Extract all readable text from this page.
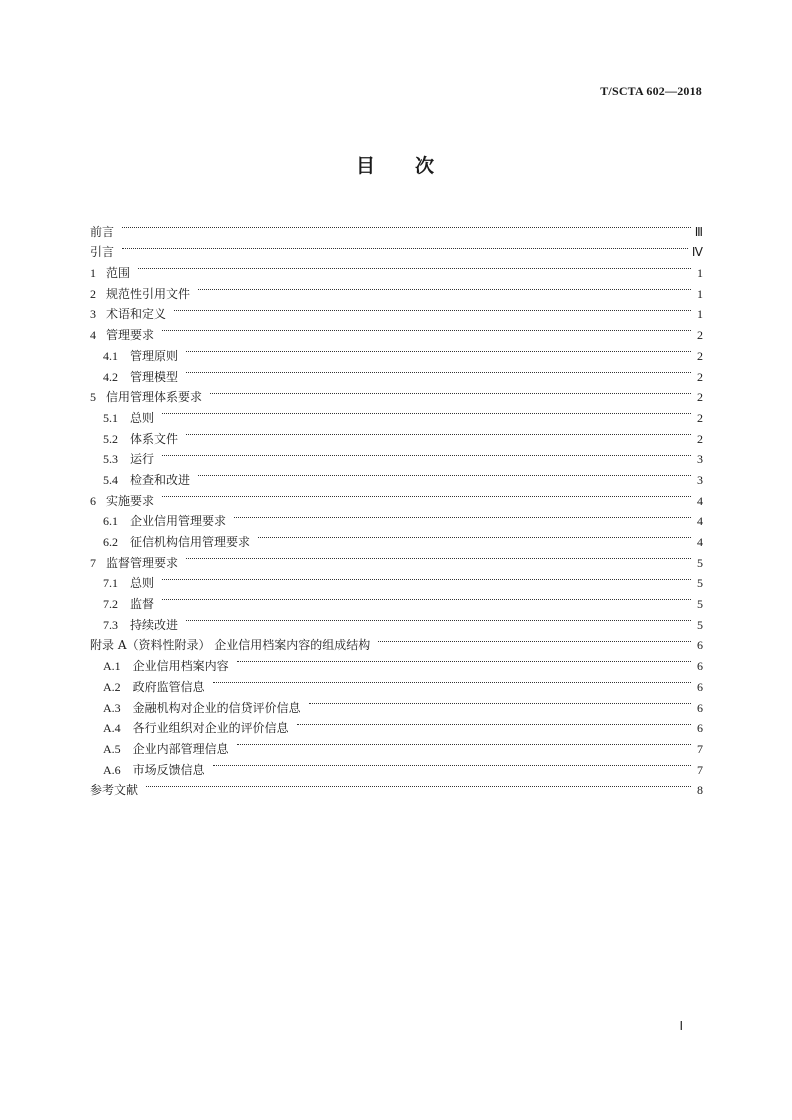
T/SCTA 602—2018
目 次
前言	Ⅲ
引言	Ⅳ
1 范围	1
2 规范性引用文件	1
3 术语和定义	1
4 管理要求	2
4.1 管理原则	2
4.2 管理模型	2
5 信用管理体系要求	2
5.1 总则	2
5.2 体系文件	2
5.3 运行	3
5.4 检查和改进	3
6 实施要求	4
6.1 企业信用管理要求	4
6.2 征信机构信用管理要求	4
7 监督管理要求	5
7.1 总则	5
7.2 监督	5
7.3 持续改进	5
附录 A（资料性附录） 企业信用档案内容的组成结构	6
A.1 企业信用档案内容	6
A.2 政府监管信息	6
A.3 金融机构对企业的信贷评价信息	6
A.4 各行业组织对企业的评价信息	6
A.5 企业内部管理信息	7
A.6 市场反馈信息	7
参考文献	8
Ⅰ
